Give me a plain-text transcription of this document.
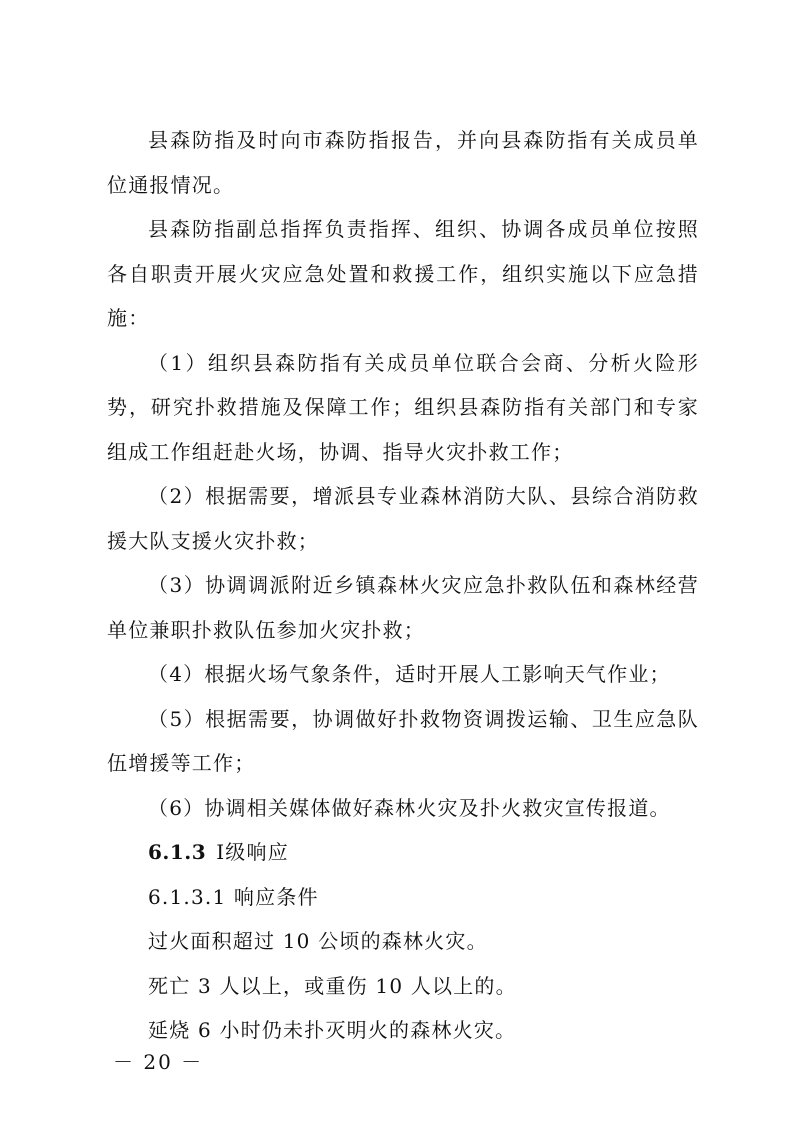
县森防指及时向市森防指报告，并向县森防指有关成员单位通报情况。

县森防指副总指挥负责指挥、组织、协调各成员单位按照各自职责开展火灾应急处置和救援工作，组织实施以下应急措施：

（1）组织县森防指有关成员单位联合会商、分析火险形势，研究扑救措施及保障工作；组织县森防指有关部门和专家组成工作组赶赴火场，协调、指导火灾扑救工作；

（2）根据需要，增派县专业森林消防大队、县综合消防救援大队支援火灾扑救；

（3）协调调派附近乡镇森林火灾应急扑救队伍和森林经营单位兼职扑救队伍参加火灾扑救；

（4）根据火场气象条件，适时开展人工影响天气作业；

（5）根据需要，协调做好扑救物资调拨运输、卫生应急队伍增援等工作；

（6）协调相关媒体做好森林火灾及扑火救灾宣传报道。

6.1.3 Ⅰ级响应

6.1.3.1 响应条件

过火面积超过 10 公顷的森林火灾。

死亡 3 人以上，或重伤 10 人以上的。

延烧 6 小时仍未扑灭明火的森林火灾。

－ 20 －
